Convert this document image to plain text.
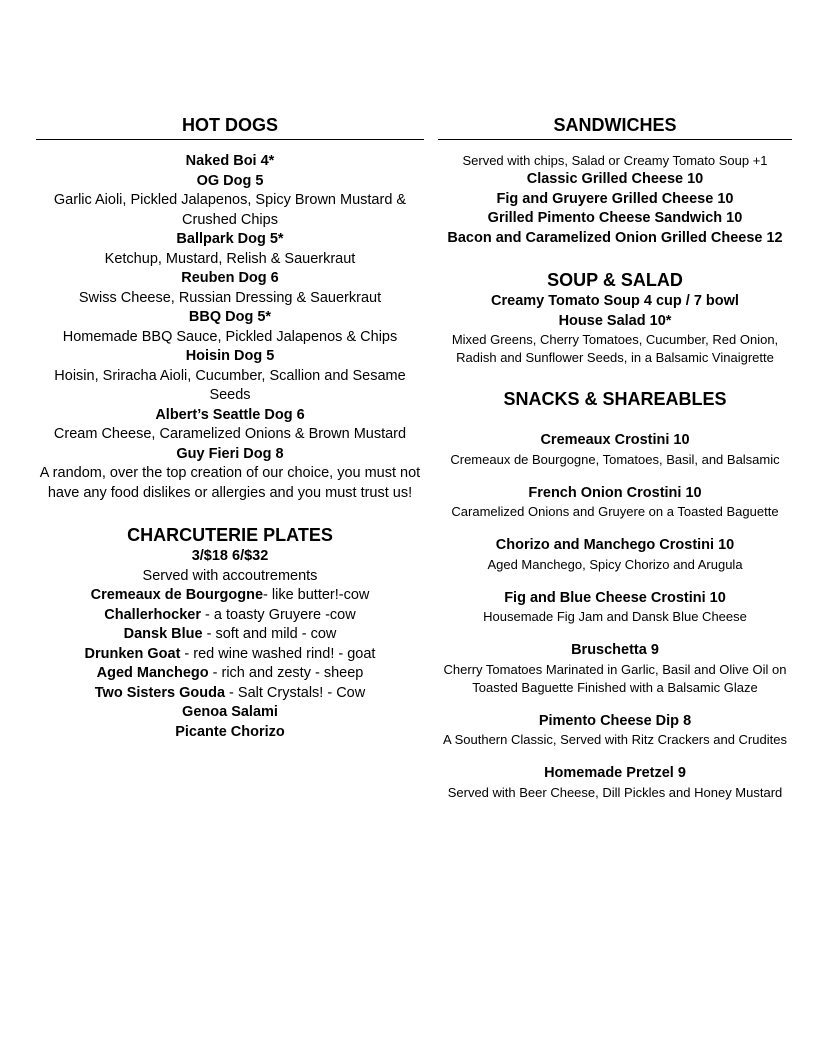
HOT DOGS

Naked Boi 4*

OG Dog 5

Garlic Aioli, Pickled Jalapenos, Spicy Brown Mustard & Crushed Chips

Ballpark Dog 5*

Ketchup, Mustard, Relish & Sauerkraut

Reuben Dog 6

Swiss Cheese, Russian Dressing & Sauerkraut

BBQ Dog 5*

Homemade BBQ Sauce, Pickled Jalapenos & Chips

Hoisin Dog 5

Hoisin, Sriracha Aioli, Cucumber, Scallion and Sesame Seeds

Albert’s Seattle Dog 6

Cream Cheese, Caramelized Onions & Brown Mustard

Guy Fieri Dog 8

A random, over the top creation of our choice, you must not have any food dislikes or allergies and you must trust us!

CHARCUTERIE PLATES

3/$18 6/$32

Served with accoutrements

Cremeaux de Bourgogne- like butter!-cow

Challerhocker - a toasty Gruyere -cow

Dansk Blue - soft and mild - cow

Drunken Goat - red wine washed rind! - goat

Aged Manchego - rich and zesty - sheep

Two Sisters Gouda - Salt Crystals! - Cow

Genoa Salami

Picante Chorizo

SANDWICHES

Served with chips, Salad or Creamy Tomato Soup +1

Classic Grilled Cheese 10

Fig and Gruyere Grilled Cheese 10

Grilled Pimento Cheese Sandwich 10

Bacon and Caramelized Onion Grilled Cheese 12

SOUP & SALAD

Creamy Tomato Soup 4 cup / 7 bowl

House Salad 10*

Mixed Greens, Cherry Tomatoes, Cucumber, Red Onion, Radish and Sunflower Seeds, in a Balsamic Vinaigrette

SNACKS & SHAREABLES

Cremeaux Crostini 10

Cremeaux de Bourgogne, Tomatoes, Basil, and Balsamic

French Onion Crostini 10

Caramelized Onions and Gruyere on a Toasted Baguette

Chorizo and Manchego Crostini 10

Aged Manchego, Spicy Chorizo and Arugula

Fig and Blue Cheese Crostini 10

Housemade Fig Jam and Dansk Blue Cheese

Bruschetta 9

Cherry Tomatoes Marinated in Garlic, Basil and Olive Oil on Toasted Baguette Finished with a Balsamic Glaze

Pimento Cheese Dip 8

A Southern Classic, Served with Ritz Crackers and Crudites

Homemade Pretzel 9

Served with Beer Cheese, Dill Pickles and Honey Mustard
